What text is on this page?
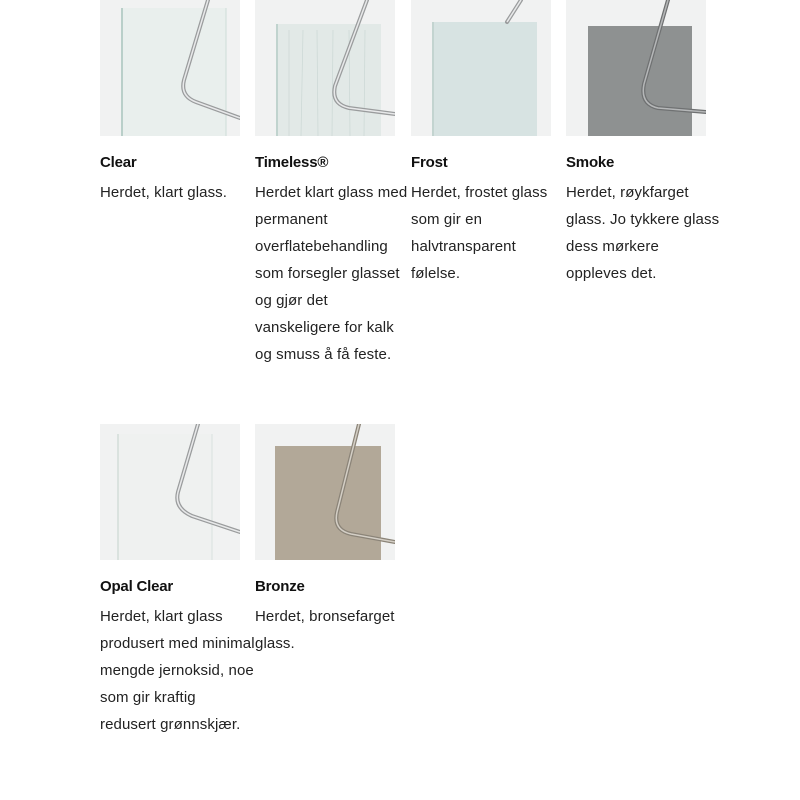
Clear
Herdet, klart glass.
Timeless®
Herdet klart glass med permanent overflatebehandling som forsegler glasset og gjør det vanskeligere for kalk og smuss å få feste.
Frost
Herdet, frostet glass som gir en halvtransparent følelse.
Smoke
Herdet, røykfarget glass. Jo tykkere glass dess mørkere oppleves det.
Opal Clear
Herdet, klart glass produsert med minimal mengde jernoksid, noe som gir kraftig redusert grønnskjær.
Bronze
Herdet, bronsefarget glass.
